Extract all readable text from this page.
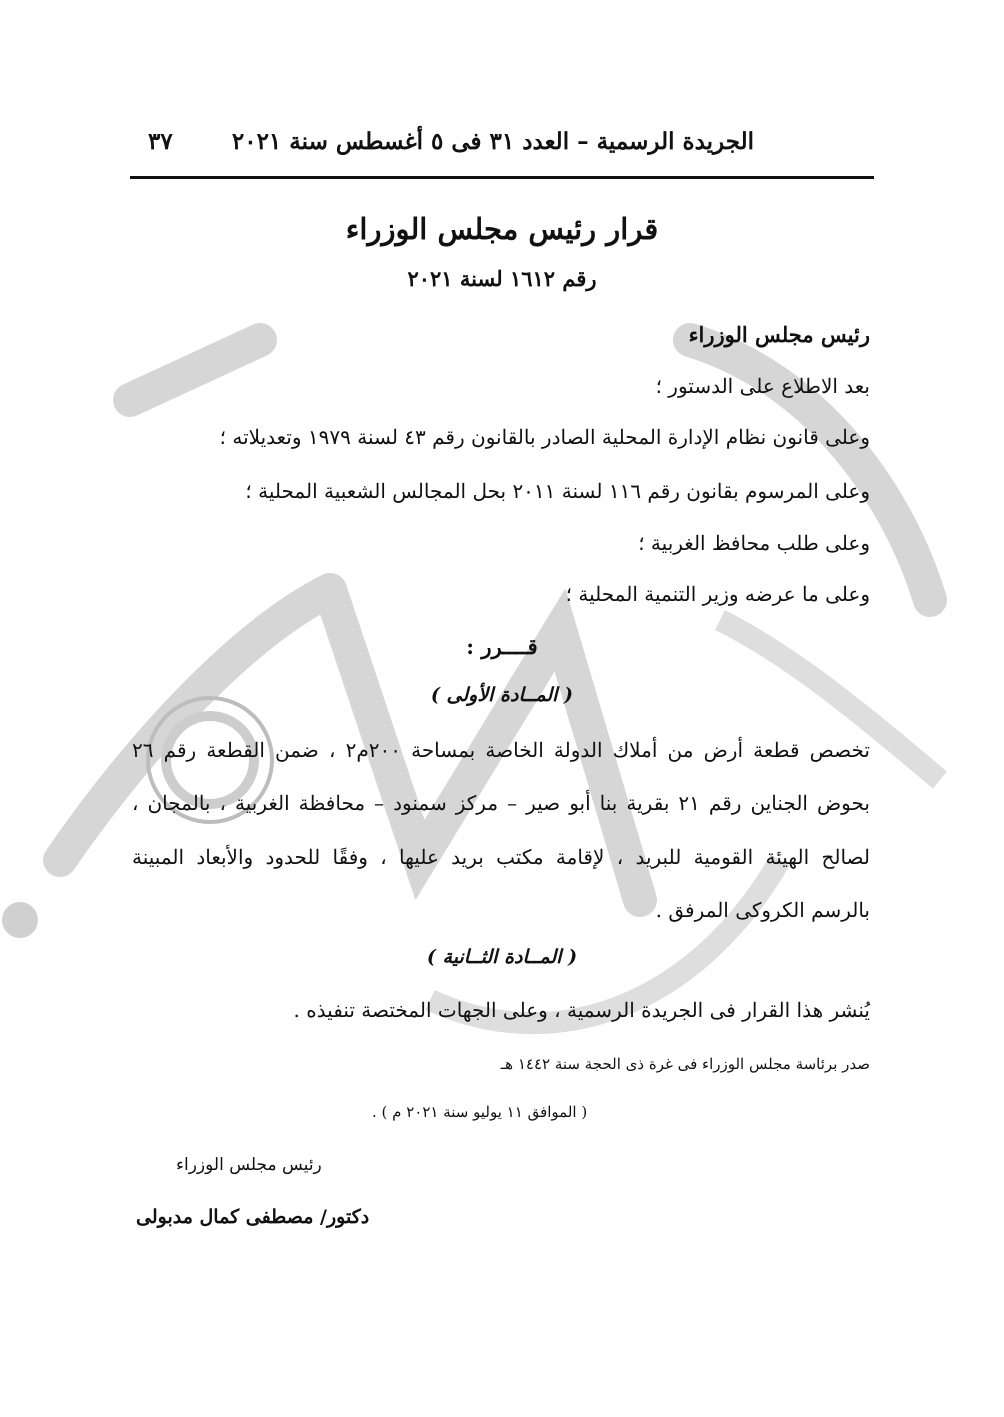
الجريدة الرسمية – العدد ٣١ فى ٥ أغسطس سنة ٢٠٢١
٣٧
قرار رئيس مجلس الوزراء
رقم ١٦١٢ لسنة ٢٠٢١
رئيس مجلس الوزراء
بعد الاطلاع على الدستور ؛
وعلى قانون نظام الإدارة المحلية الصادر بالقانون رقم ٤٣ لسنة ١٩٧٩ وتعديلاته ؛
وعلى المرسوم بقانون رقم ١١٦ لسنة ٢٠١١ بحل المجالس الشعبية المحلية ؛
وعلى طلب محافظ الغربية ؛
وعلى ما عرضه وزير التنمية المحلية ؛
قــــرر :
( المــادة الأولى )
تخصص قطعة أرض من أملاك الدولة الخاصة بمساحة ٢٠٠م٢ ، ضمن القطعة رقم ٢٦
بحوض الجناين رقم ٢١ بقرية بنا أبو صير – مركز سمنود – محافظة الغربية ، بالمجان ،
لصالح الهيئة القومية للبريد ، لإقامة مكتب بريد عليها ، وفقًا للحدود والأبعاد المبينة
بالرسم الكروكى المرفق .
( المــادة الثــانية )
يُنشر هذا القرار فى الجريدة الرسمية ، وعلى الجهات المختصة تنفيذه .
صدر برئاسة مجلس الوزراء فى غرة ذى الحجة سنة ١٤٤٢ هـ
( الموافق ١١ يوليو سنة ٢٠٢١ م ) .
رئيس مجلس الوزراء
دكتور/ مصطفى كمال مدبولى
